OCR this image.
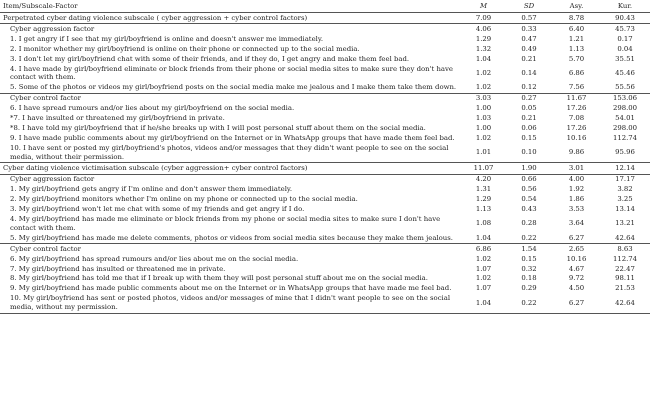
Item/Subscale-Factor	M	SD	Asy.	Kur.
Perpetrated cyber dating violence subscale ( cyber aggression + cyber control factors)	7.09	0.57	8.78	90.43
Cyber aggression factor	4.06	0.33	6.40	45.73
1. I get angry if I see that my girl/boyfriend is online and doesn't answer me immediately.	1.29	0.47	1.21	0.17
2. I monitor whether my girl/boyfriend is online on their phone or connected up to the social media.	1.32	0.49	1.13	0.04
3. I don't let my girl/boyfriend chat with some of their friends, and if they do, I get angry and make them feel bad.	1.04	0.21	5.70	35.51
4. I have made by girl/boyfriend eliminate or block friends from their phone or social media sites to make sure they don't have contact with them.	1.02	0.14	6.86	45.46
5. Some of the photos or videos my girl/boyfriend posts on the social media make me jealous and I make them take them down.	1.02	0.12	7.56	55.56
Cyber control factor	3.03	0.27	11.67	153.06
6. I have spread rumours and/or lies about my girl/boyfriend on the social media.	1.00	0.05	17.26	298.00
*7. I have insulted or threatened my girl/boyfriend in private.	1.03	0.21	7.08	54.01
*8. I have told my girl/boyfriend that if he/she breaks up with I will post personal stuff about them on the social media.	1.00	0.06	17.26	298.00
9. I have made public comments about my girl/boyfriend on the Internet or in WhatsApp groups that have made them feel bad.	1.02	0.15	10.16	112.74
10. I have sent or posted my girl/boyfriend's photos, videos and/or messages that they didn't want people to see on the social media, without their permission.	1.01	0.10	9.86	95.96
Cyber dating violence victimisation subscale (cyber aggression+ cyber control factors)	11.07	1.90	3.01	12.14
Cyber aggression factor	4.20	0.66	4.00	17.17
1. My girl/boyfriend gets angry if I'm online and don't answer them immediately.	1.31	0.56	1.92	3.82
2. My girl/boyfriend monitors whether I'm online on my phone or connected up to the social media.	1.29	0.54	1.86	3.25
3. My girl/boyfriend won't let me chat with some of my friends and get angry if I do.	1.13	0.43	3.53	13.14
4. My girl/boyfriend has made me eliminate or block friends from my phone or social media sites to make sure I don't have contact with them.	1.08	0.28	3.64	13.21
5. My girl/boyfriend has made me delete comments, photos or videos from social media sites because they make them jealous.	1.04	0.22	6.27	42.64
Cyber control factor	6.86	1.54	2.65	8.63
6. My girl/boyfriend has spread rumours and/or lies about me on the social media.	1.02	0.15	10.16	112.74
7. My girl/boyfriend has insulted or threatened me in private.	1.07	0.32	4.67	22.47
8. My girl/boyfriend has told me that if I break up with them they will post personal stuff about me on the social media.	1.02	0.18	9.72	98.11
9. My girl/boyfriend has made public comments about me on the Internet or in WhatsApp groups that have made me feel bad.	1.07	0.29	4.50	21.53
10. My girl/boyfriend has sent or posted photos, videos and/or messages of mine that I didn't want people to see on the social media, without my permission.	1.04	0.22	6.27	42.64
